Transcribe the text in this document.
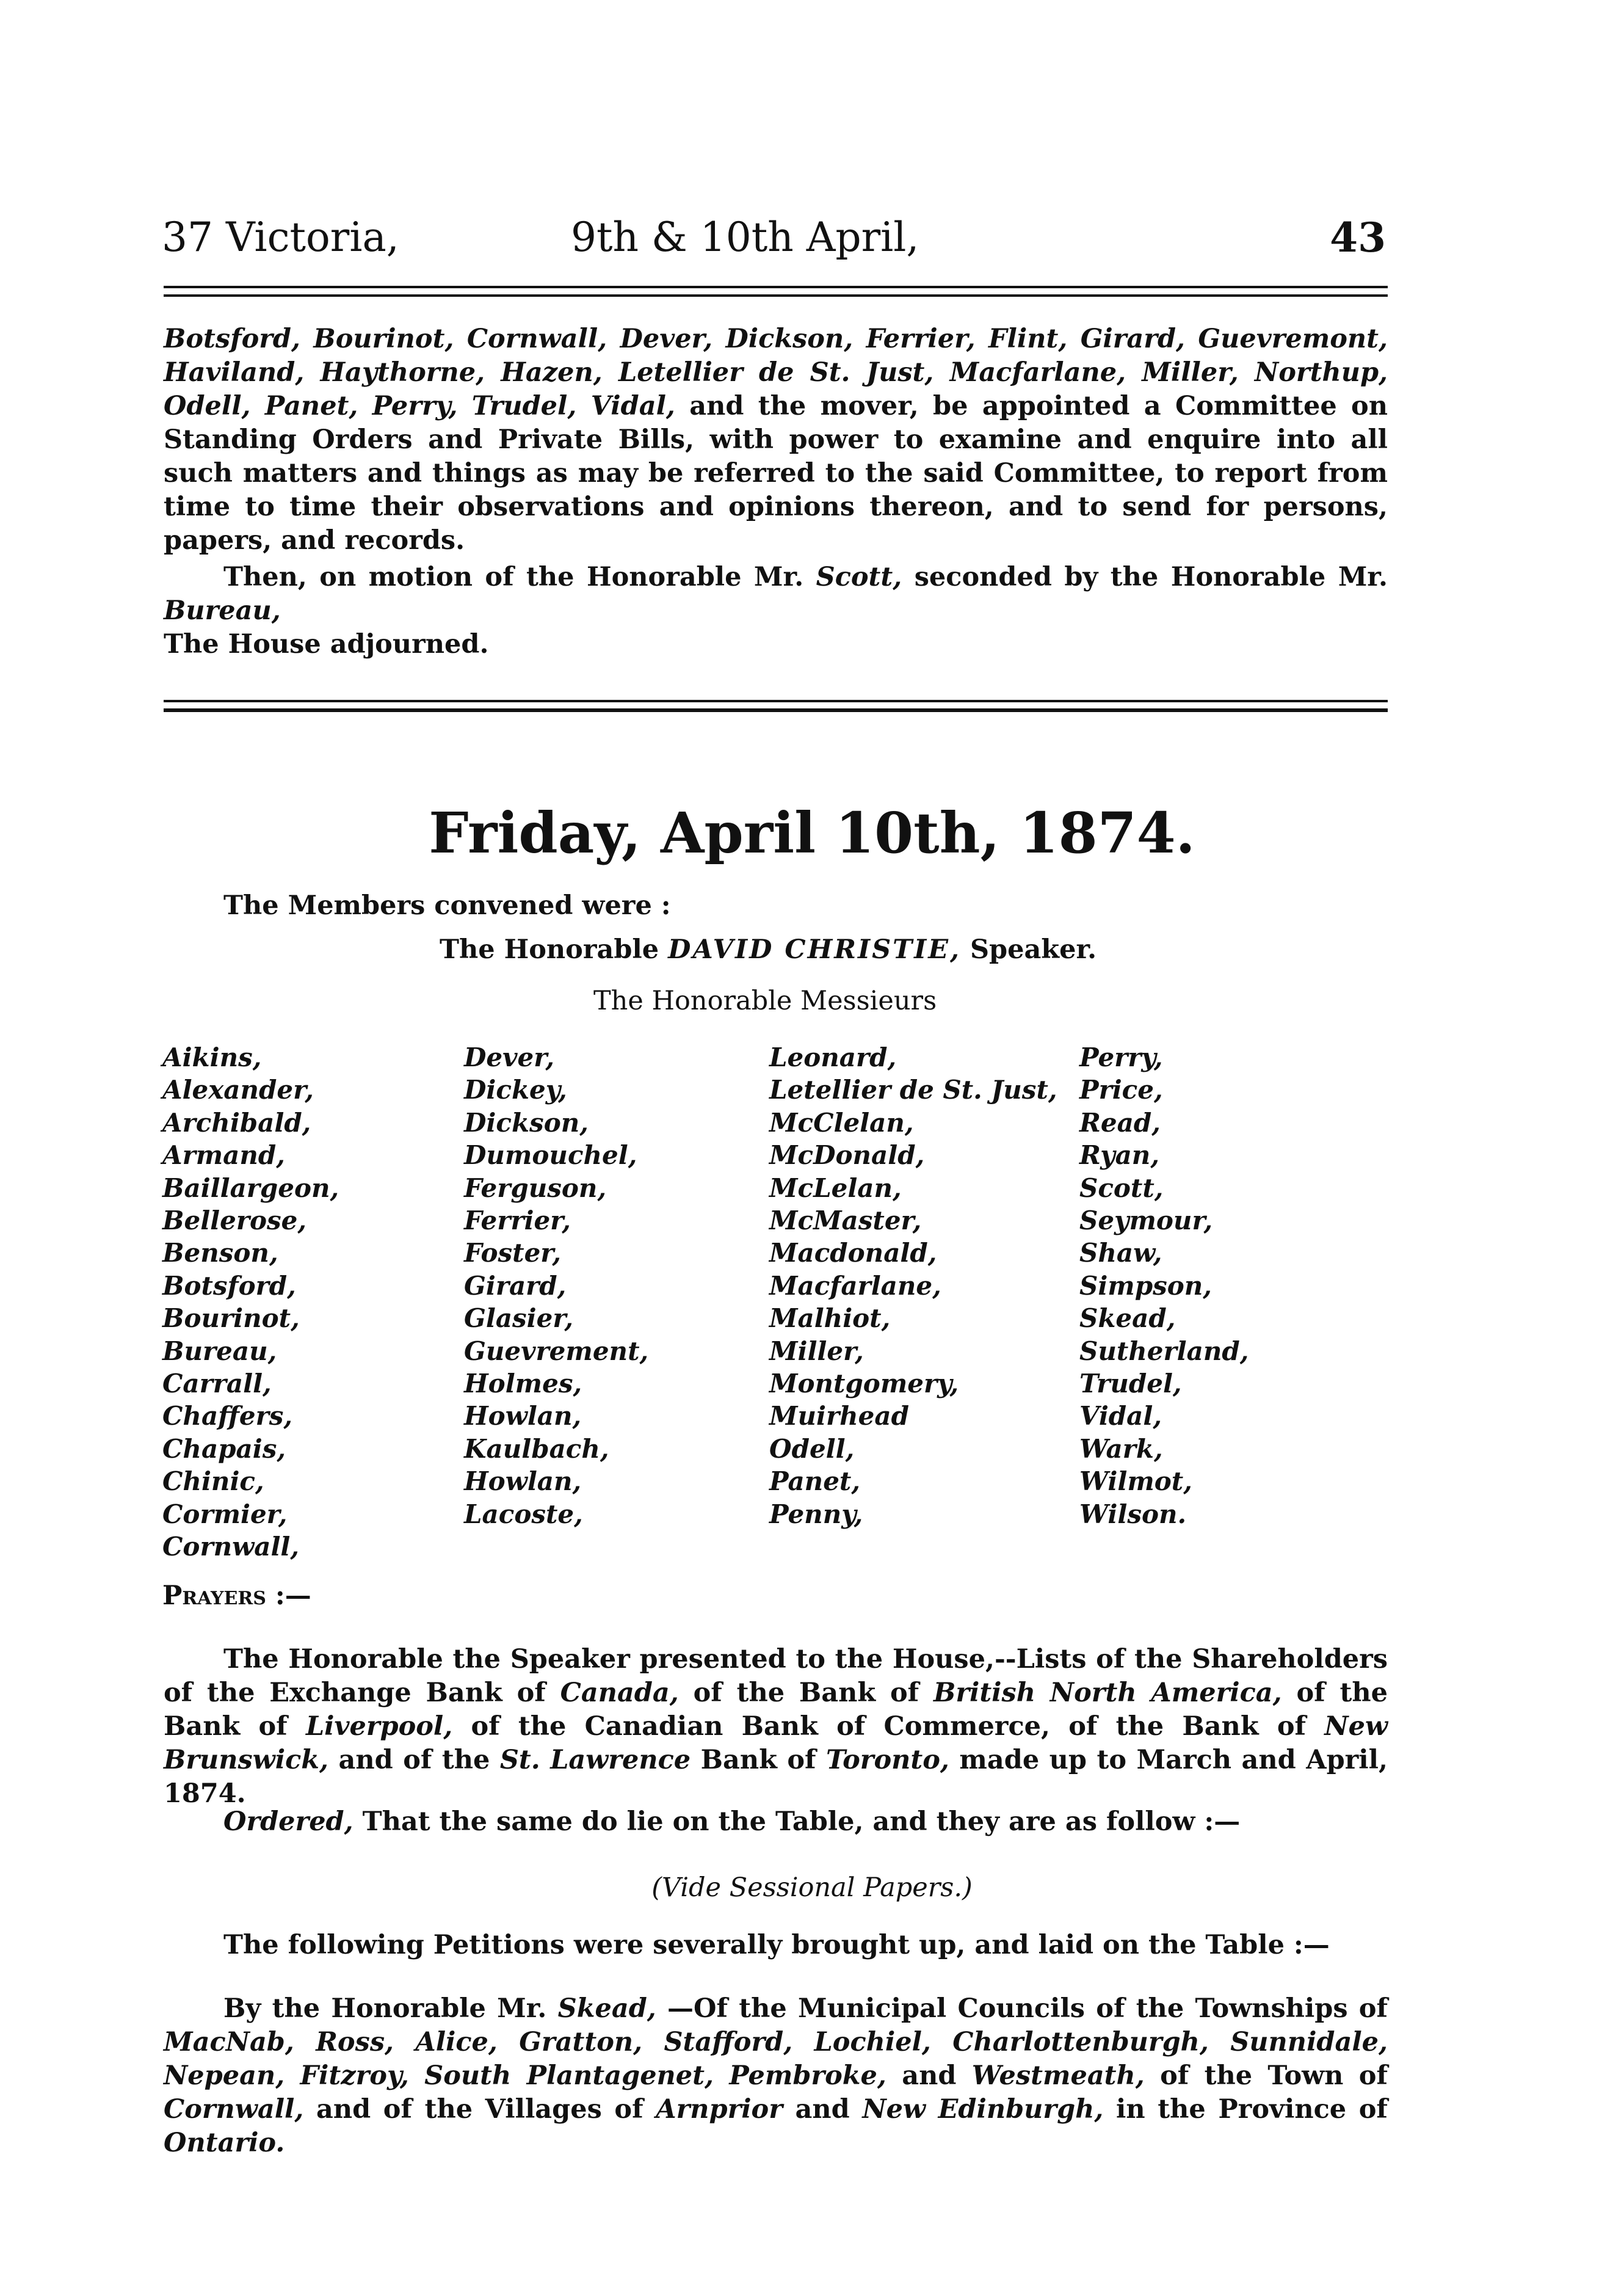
37 Victoria,	9th & 10th April,	43
Botsford, Bourinot, Cornwall, Dever, Dickson, Ferrier, Flint, Girard, Guevremont, Haviland, Haythorne, Hazen, Letellier de St. Just, Macfarlane, Miller, Northup, Odell, Panet, Perry, Trudel, Vidal, and the mover, be appointed a Committee on Standing Orders and Private Bills, with power to examine and enquire into all such matters and things as may be referred to the said Committee, to report from time to time their observations and opinions thereon, and to send for persons, papers, and records.
Then, on motion of the Honorable Mr. Scott, seconded by the Honorable Mr. Bureau,
The House adjourned.
Friday, April 10th, 1874.
The Members convened were :
The Honorable DAVID CHRISTIE, Speaker.
The Honorable Messieurs
Aikins,
Alexander,
Archibald,
Armand,
Baillargeon,
Bellerose,
Benson,
Botsford,
Bourinot,
Bureau,
Carrall,
Chaffers,
Chapais,
Chinic,
Cormier,
Cornwall,
Dever,
Dickey,
Dickson,
Dumouchel,
Ferguson,
Ferrier,
Foster,
Girard,
Glasier,
Guevrement,
Holmes,
Howlan,
Kaulbach,
Howlan,
Lacoste,
Leonard,
Letellier de St. Just,
McClelan,
McDonald,
McLelan,
McMaster,
Macdonald,
Macfarlane,
Malhiot,
Miller,
Montgomery,
Muirhead
Odell,
Panet,
Penny,
Perry,
Price,
Read,
Ryan,
Scott,
Seymour,
Shaw,
Simpson,
Skead,
Sutherland,
Trudel,
Vidal,
Wark,
Wilmot,
Wilson.
Prayers :—
The Honorable the Speaker presented to the House,--Lists of the Shareholders of the Exchange Bank of Canada, of the Bank of British North America, of the Bank of Liverpool, of the Canadian Bank of Commerce, of the Bank of New Brunswick, and of the St. Lawrence Bank of Toronto, made up to March and April, 1874.
Ordered, That the same do lie on the Table, and they are as follow :—
(Vide Sessional Papers.)
The following Petitions were severally brought up, and laid on the Table :—
By the Honorable Mr. Skead, —Of the Municipal Councils of the Townships of MacNab, Ross, Alice, Gratton, Stafford, Lochiel, Charlottenburgh, Sunnidale, Nepean, Fitzroy, South Plantagenet, Pembroke, and Westmeath, of the Town of Cornwall, and of the Villages of Arnprior and New Edinburgh, in the Province of Ontario.
